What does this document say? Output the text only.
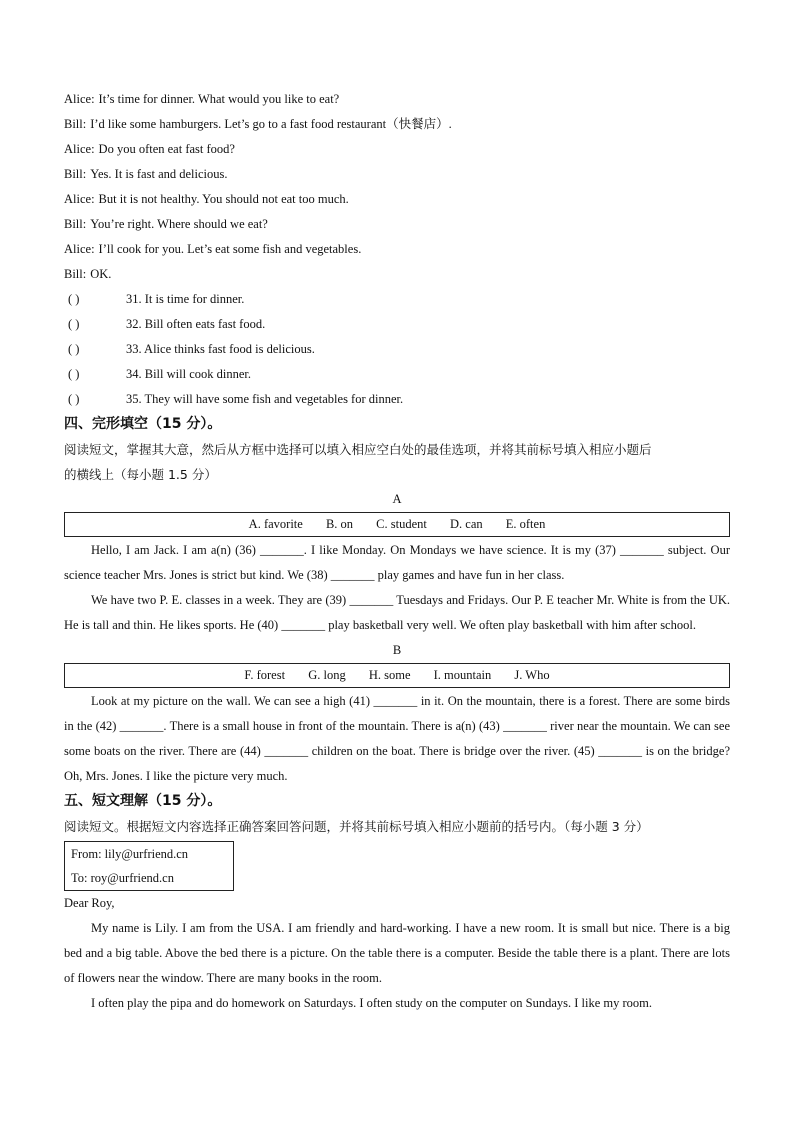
Alice: It’s time for dinner. What would you like to eat?
Bill: I’d like some hamburgers. Let’s go to a fast food restaurant（快餐店）.
Alice: Do you often eat fast food?
Bill: Yes. It is fast and delicious.
Alice: But it is not healthy. You should not eat too much.
Bill: You’re right. Where should we eat?
Alice: I’ll cook for you. Let’s eat some fish and vegetables.
Bill: OK.
( )	31. It is time for dinner.
( )	32. Bill often eats fast food.
( )	33. Alice thinks fast food is delicious.
( )	34. Bill will cook dinner.
( )	35. They will have some fish and vegetables for dinner.
四、完形填空（15 分）。
阅读短文，掌握其大意，然后从方框中选择可以填入相应空白处的最佳选项，并将其前标号填入相应小题后
的横线上（每小题 1.5 分）
A
A. favorite B. on C. student D. can E. often
Hello, I am Jack. I am a(n) (36) _______. I like Monday. On Mondays we have science. It is my (37) _______ subject. Our science teacher Mrs. Jones is strict but kind. We (38) _______ play games and have fun in her class.
We have two P. E. classes in a week. They are (39) _______ Tuesdays and Fridays. Our P. E teacher Mr. White is from the UK. He is tall and thin. He likes sports. He (40) _______ play basketball very well. We often play basketball with him after school.
B
F. forest G. long H. some I. mountain J. Who
Look at my picture on the wall. We can see a high (41) _______ in it. On the mountain, there is a forest. There are some birds in the (42) _______. There is a small house in front of the mountain. There is a(n) (43) _______ river near the mountain. We can see some boats on the river. There are (44) _______ children on the boat. There is bridge over the river. (45) _______ is on the bridge? Oh, Mrs. Jones. I like the picture very much.
五、短文理解（15 分）。
阅读短文。根据短文内容选择正确答案回答问题，并将其前标号填入相应小题前的括号内。（每小题 3 分）
From: lily@urfriend.cn
To: roy@urfriend.cn
Dear Roy,
My name is Lily. I am from the USA. I am friendly and hard-working. I have a new room. It is small but nice. There is a big bed and a big table. Above the bed there is a picture. On the table there is a computer. Beside the table there is a plant. There are lots of flowers near the window. There are many books in the room.
I often play the pipa and do homework on Saturdays. I often study on the computer on Sundays. I like my room.
